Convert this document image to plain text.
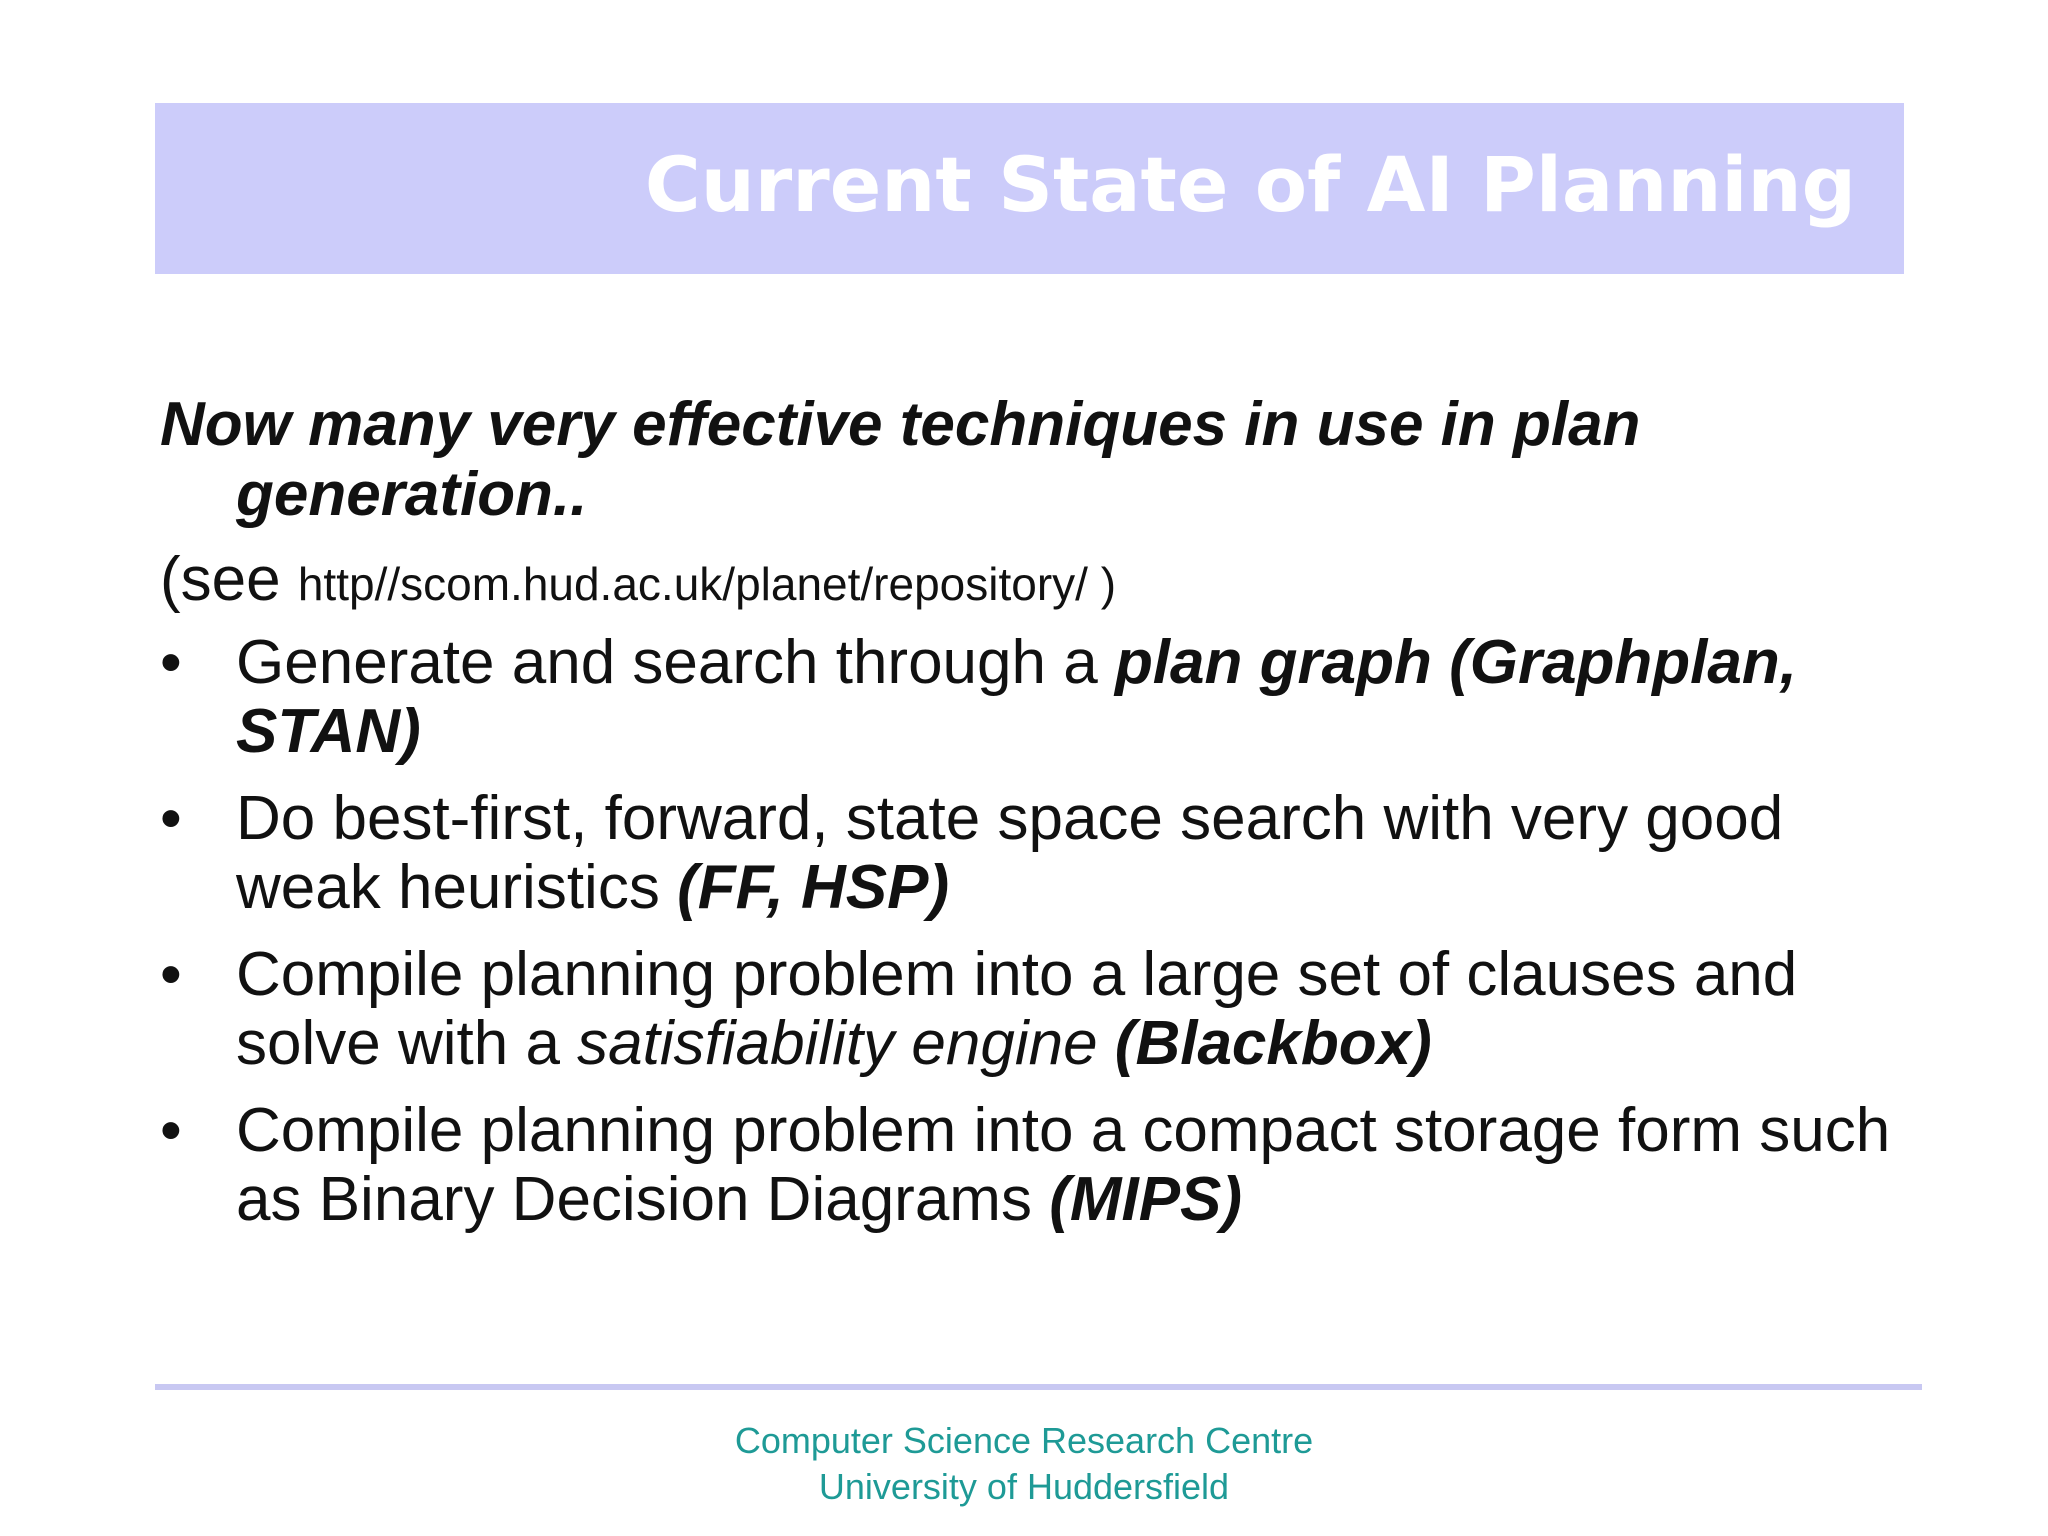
Current State of AI Planning

Now many very effective techniques in use in plan generation..

(see http//scom.hud.ac.uk/planet/repository/ )

• Generate and search through a plan graph (Graphplan, STAN)
• Do best-first, forward, state space search with very good weak heuristics (FF, HSP)
• Compile planning problem into a large set of clauses and solve with a satisfiability engine (Blackbox)
• Compile planning problem into a compact storage form such as Binary Decision Diagrams (MIPS)
Computer Science Research Centre
University of Huddersfield
